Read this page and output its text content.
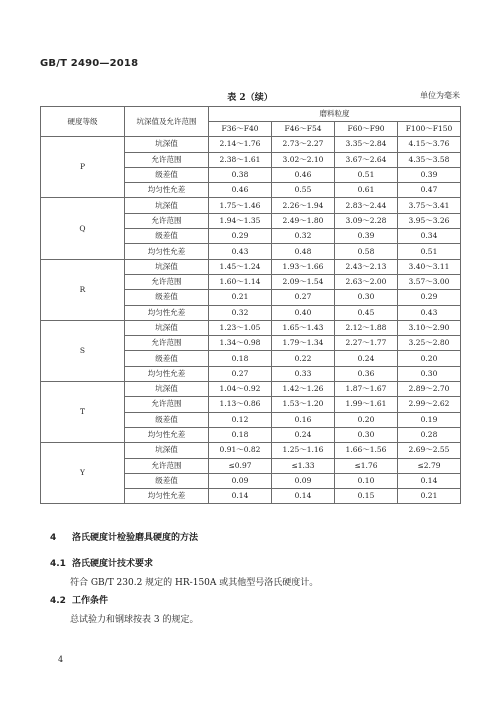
GB/T 2490—2018
表 2（续）	单位为毫米
硬度等级	坑深值及允许范围	磨料粒度			
		F36～F40	F46～F54	F60～F90	F100～F150
P	坑深值	2.14～1.76	2.73～2.27	3.35～2.84	4.15～3.76
	允许范围	2.38～1.61	3.02～2.10	3.67～2.64	4.35～3.58
	级差值	0.38	0.46	0.51	0.39
	均匀性允差	0.46	0.55	0.61	0.47
Q	坑深值	1.75～1.46	2.26～1.94	2.83～2.44	3.75～3.41
	允许范围	1.94～1.35	2.49～1.80	3.09～2.28	3.95～3.26
	级差值	0.29	0.32	0.39	0.34
	均匀性允差	0.43	0.48	0.58	0.51
R	坑深值	1.45～1.24	1.93～1.66	2.43～2.13	3.40～3.11
	允许范围	1.60～1.14	2.09～1.54	2.63～2.00	3.57～3.00
	级差值	0.21	0.27	0.30	0.29
	均匀性允差	0.32	0.40	0.45	0.43
S	坑深值	1.23～1.05	1.65～1.43	2.12～1.88	3.10～2.90
	允许范围	1.34～0.98	1.79～1.34	2.27～1.77	3.25～2.80
	级差值	0.18	0.22	0.24	0.20
	均匀性允差	0.27	0.33	0.36	0.30
T	坑深值	1.04～0.92	1.42～1.26	1.87～1.67	2.89～2.70
	允许范围	1.13～0.86	1.53～1.20	1.99～1.61	2.99～2.62
	级差值	0.12	0.16	0.20	0.19
	均匀性允差	0.18	0.24	0.30	0.28
Y	坑深值	0.91～0.82	1.25～1.16	1.66～1.56	2.69～2.55
	允许范围	≤0.97	≤1.33	≤1.76	≤2.79
	级差值	0.09	0.09	0.10	0.14
	均匀性允差	0.14	0.14	0.15	0.21
4 洛氏硬度计检验磨具硬度的方法
4.1 洛氏硬度计技术要求
符合 GB/T 230.2 规定的 HR-150A 或其他型号洛氏硬度计。
4.2 工作条件
总试验力和钢球按表 3 的规定。
4
